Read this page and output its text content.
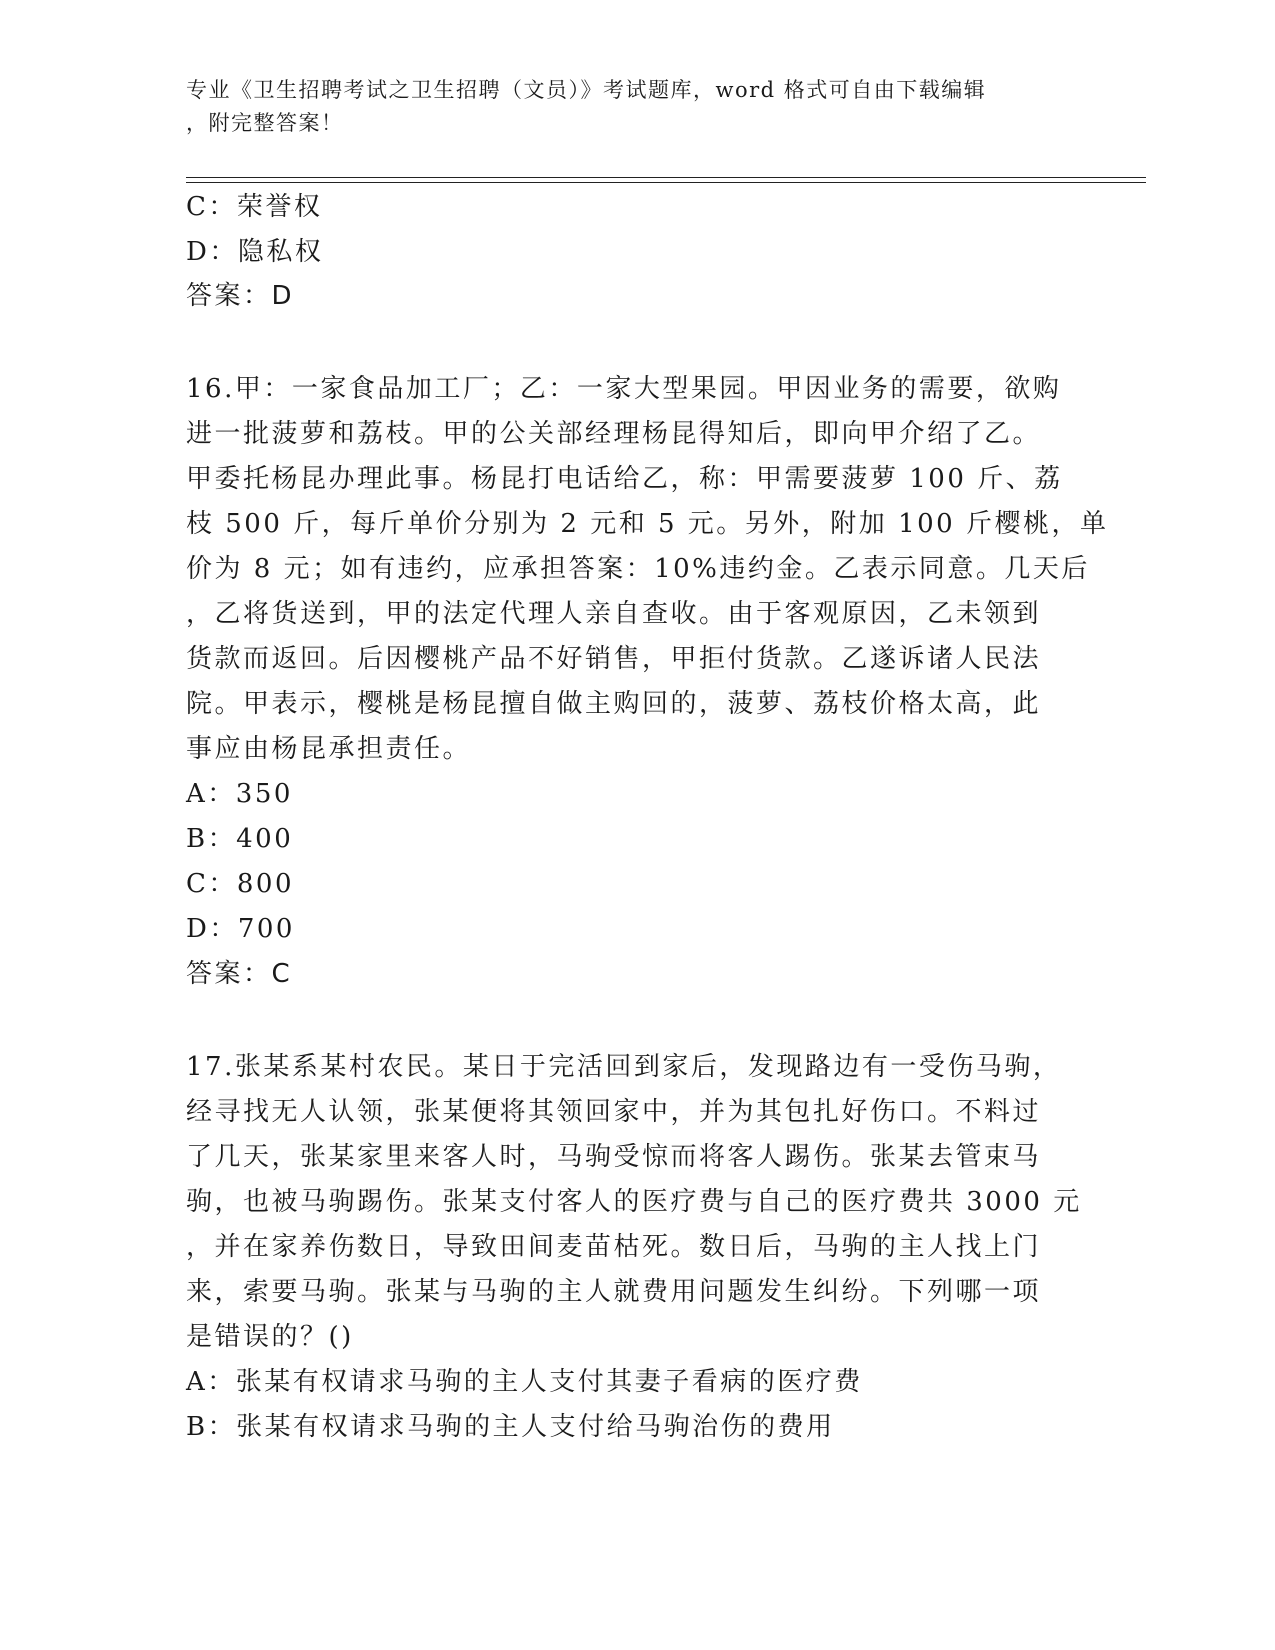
专业《卫生招聘考试之卫生招聘（文员）》考试题库，word 格式可自由下载编辑
，附完整答案！
C：荣誉权
D：隐私权
答案：D
16.甲：一家食品加工厂；乙：一家大型果园。甲因业务的需要，欲购
进一批菠萝和荔枝。甲的公关部经理杨昆得知后，即向甲介绍了乙。
甲委托杨昆办理此事。杨昆打电话给乙，称：甲需要菠萝 100 斤、荔
枝 500 斤，每斤单价分别为 2 元和 5 元。另外，附加 100 斤樱桃，单
价为 8 元；如有违约，应承担答案：10%违约金。乙表示同意。几天后
，乙将货送到，甲的法定代理人亲自查收。由于客观原因，乙未领到
货款而返回。后因樱桃产品不好销售，甲拒付货款。乙遂诉诸人民法
院。甲表示，樱桃是杨昆擅自做主购回的，菠萝、荔枝价格太高，此
事应由杨昆承担责任。
A：350
B：400
C：800
D：700
答案：C
17.张某系某村农民。某日于完活回到家后，发现路边有一受伤马驹，
经寻找无人认领，张某便将其领回家中，并为其包扎好伤口。不料过
了几天，张某家里来客人时，马驹受惊而将客人踢伤。张某去管束马
驹，也被马驹踢伤。张某支付客人的医疗费与自己的医疗费共 3000 元
，并在家养伤数日，导致田间麦苗枯死。数日后，马驹的主人找上门
来，索要马驹。张某与马驹的主人就费用问题发生纠纷。下列哪一项
是错误的？()
A：张某有权请求马驹的主人支付其妻子看病的医疗费
B：张某有权请求马驹的主人支付给马驹治伤的费用
